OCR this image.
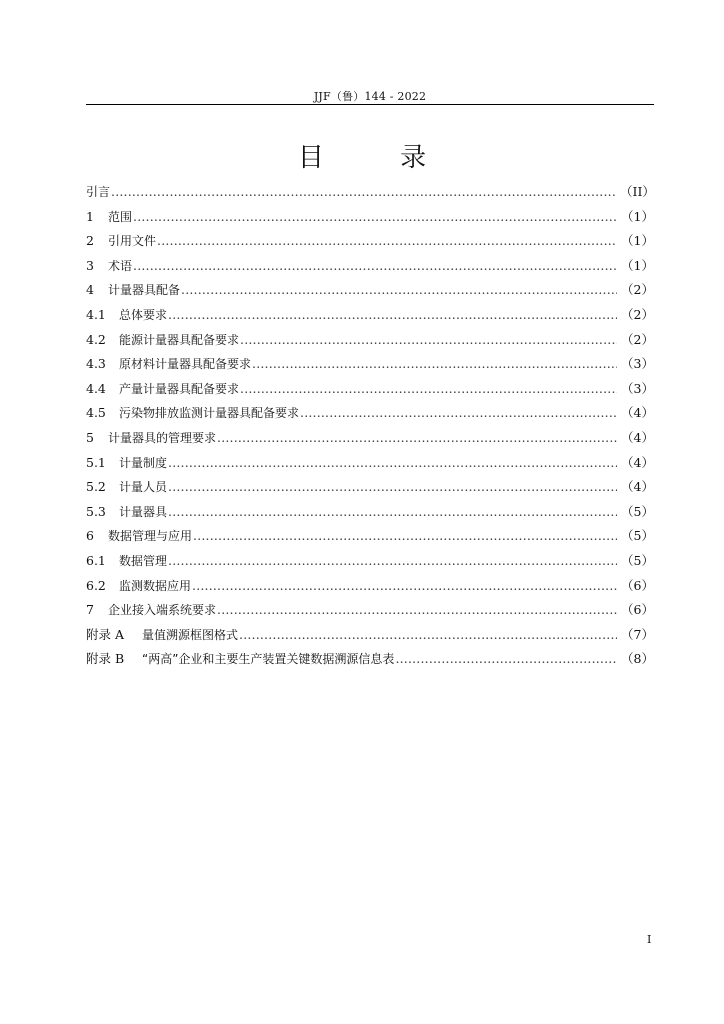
JJF（鲁）144 - 2022
目 录
引言 .....	（II）
1	范围 .....	（1）
2	引用文件 .....	（1）
3	术语 .....	（1）
4	计量器具配备 .....	（2）
4.1	总体要求 .....	（2）
4.2	能源计量器具配备要求 .....	（2）
4.3	原材料计量器具配备要求 .....	（3）
4.4	产量计量器具配备要求 .....	（3）
4.5	污染物排放监测计量器具配备要求 .....	（4）
5	计量器具的管理要求 .....	（4）
5.1	计量制度 .....	（4）
5.2	计量人员 .....	（4）
5.3	计量器具 .....	（5）
6	数据管理与应用 .....	（5）
6.1	数据管理 .....	（5）
6.2	监测数据应用 .....	（6）
7	企业接入端系统要求 .....	（6）
附录 A	量值溯源框图格式 .....	（7）
附录 B	“两高”企业和主要生产装置关键数据溯源信息表 .....	（8）
I
